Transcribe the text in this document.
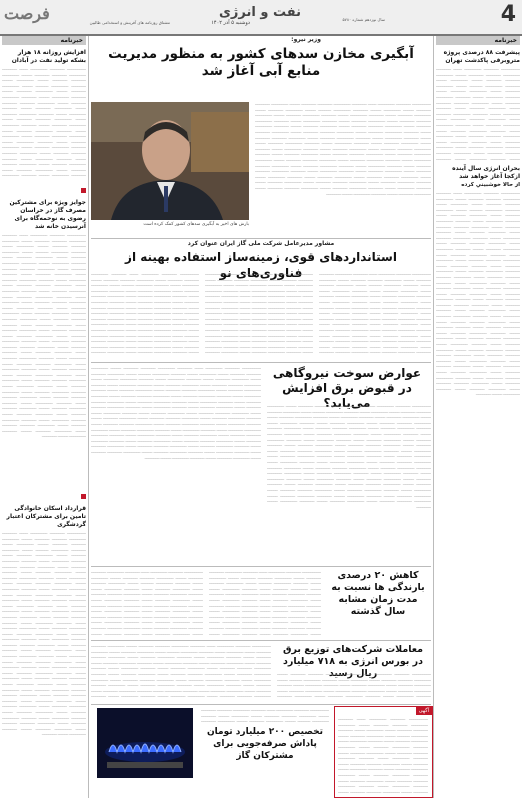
4
نفت و انرژی	سال نوزدهم شماره ۵۷۸۰
دوشنبه ۵ آذر ۱۴۰۲
مشتاق روزنامه های آفرینش و استخدامی طالبین
فرصت
خبرنامه
پیشرفت ۸۸ درصدی پروژه مترو‌برقی پاکدشت تهران
───────── ─────── ──────── ──── ─────── ──────── ─────── ─────── ───── ──────── ─────── ─────── ───── ──────── ───── ─────── ──────── ────── ───── ──────── ─────── ───── ──────── ─────── ───── ─────── ──────── ───── ─────── ──────── ─────── ───── ──────── ─────── ─────── ───── ──────── ─────── ───── ─────── ──────── ───── ─────── ──────── ─────── ───── ──────── ─────── ─────── ───── ──────── ─────── ───── ─────── ──────── ───── ─────── ──────── ─────── ───── ──────── ─────── ─────── ───── ──────── ─────── ───── ─────── ──────── ───── ─────── ──────── ─────── ───── ──────── ─────── ─────── ───── ──────── ─────── ───── ─────── ──────── ───── ─────── ──────── ─────── ───── ──────── ─────── ─────── ───── ──────── ─────── ───── ─────── ──────── ───── ─────── ──────── ─────── ───── ──────── ─────── ─────── ───── ──────── ─────── ───── ─────── ──────── ───── ─────── ──────── ─────── ───── ──────── ─────── ─────── ───── ──────── ─────── ───── ─────── ──────── ───── ─────── ──────── ─────── ───── ──────── ─────── ─────── ───── ──────── ─────── ───── ─────── ──────── ───── ─────── ──────── ─────── ───── ──────── ─────── ─────── ───── ──────── ─────── ───── ─────── ──────── ───── ─────── ──────── ─────── ───── ──────── ─────── ─────── ───── ──────── ─────── ───── ─────── ──────── ───── ─────── ──────── ─────── ───── ──────── ─────── ─────── ───── ──────── ─────── ───── ─────── ──────── ───── ───────
بحران انرژی سال آینده ازکجا آغاز خواهد شد
از حالا خوشبیني کرده
───────── ─────── ──────── ──── ─────── ──────── ─────── ─────── ───── ──────── ─────── ─────── ───── ──────── ───── ─────── ──────── ────── ───── ──────── ─────── ───── ──────── ─────── ───── ─────── ──────── ───── ─────── ──────── ─────── ───── ──────── ─────── ─────── ───── ──────── ─────── ───── ─────── ──────── ───── ─────── ──────── ─────── ───── ──────── ─────── ─────── ───── ──────── ─────── ───── ─────── ──────── ───── ─────── ──────── ─────── ───── ──────── ─────── ─────── ───── ──────── ─────── ───── ─────── ──────── ───── ─────── ──────── ─────── ───── ──────── ─────── ─────── ───── ──────── ─────── ───── ─────── ──────── ───── ─────── ──────── ─────── ───── ──────── ─────── ─────── ───── ──────── ─────── ───── ─────── ──────── ───── ─────── ──────── ─────── ───── ──────── ─────── ─────── ───── ──────── ─────── ───── ─────── ──────── ───── ─────── ──────── ─────── ───── ──────── ─────── ─────── ───── ──────── ─────── ───── ─────── ──────── ───── ─────── ──────── ─────── ───── ──────── ─────── ─────── ───── ──────── ─────── ───── ─────── ──────── ───── ─────── ──────── ─────── ───── ──────── ─────── ─────── ───── ──────── ─────── ───── ─────── ──────── ───── ─────── ──────── ─────── ───── ──────── ─────── ─────── ───── ──────── ─────── ───── ─────── ──────── ───── ─────── ──────── ─────── ───── ──────── ─────── ─────── ───── ──────── ─────── ───── ─────── ──────── ───── ───────
خبرنامه
افزایش روزانه ۱۸ هزار بشکه تولید نفت در آبادان
───────── ─────── ──────── ──── ─────── ──────── ─────── ─────── ───── ──────── ─────── ─────── ───── ──────── ───── ─────── ──────── ────── ───── ──────── ─────── ───── ──────── ─────── ───── ─────── ──────── ───── ─────── ──────── ─────── ───── ──────── ─────── ─────── ───── ──────── ─────── ───── ─────── ──────── ───── ─────── ──────── ─────── ───── ──────── ─────── ─────── ───── ──────── ─────── ───── ─────── ──────── ───── ─────── ──────── ─────── ───── ──────── ─────── ─────── ───── ──────── ─────── ───── ─────── ──────── ───── ─────── ──────── ─────── ───── ──────── ─────── ─────── ───── ──────── ─────── ───── ─────── ──────── ───── ─────── ──────── ─────── ───── ──────── ─────── ─────── ───── ──────── ─────── ───── ─────── ──────── ───── ─────── ──────── ─────── ───── ──────── ─────── ─────── ───── ──────── ─────── ───── ─────── ──────── ───── ─────── ──────── ─────── ───── ──────── ─────── ─────── ───── ──────── ─────── ───── ─────── ──────── ───── ─────── ──────── ─────── ───── ──────── ─────── ─────── ───── ──────── ─────── ───── ─────── ──────── ───── ─────── ──────── ─────── ───── ──────── ─────── ─────── ───── ──────── ─────── ───── ─────── ──────── ───── ─────── ──────── ─────── ───── ──────── ─────── ─────── ───── ──────── ─────── ───── ─────── ──────── ───── ─────── ──────── ─────── ───── ──────── ─────── ─────── ───── ──────── ─────── ───── ─────── ──────── ───── ───────
جوایز ویژه برای مشترکین مصرف گاز در خراسان رضوی به نوحمه‌گاه برای آنرسیدن خانه شد
───────── ─────── ──────── ──── ─────── ──────── ─────── ─────── ───── ──────── ─────── ─────── ───── ──────── ───── ─────── ──────── ────── ───── ──────── ─────── ───── ──────── ─────── ───── ─────── ──────── ───── ─────── ──────── ─────── ───── ──────── ─────── ─────── ───── ──────── ─────── ───── ─────── ──────── ───── ─────── ──────── ─────── ───── ──────── ─────── ─────── ───── ──────── ─────── ───── ─────── ──────── ───── ─────── ──────── ─────── ───── ──────── ─────── ─────── ───── ──────── ─────── ───── ─────── ──────── ───── ─────── ──────── ─────── ───── ──────── ─────── ─────── ───── ──────── ─────── ───── ─────── ──────── ───── ─────── ──────── ─────── ───── ──────── ─────── ─────── ───── ──────── ─────── ───── ─────── ──────── ───── ─────── ──────── ─────── ───── ──────── ─────── ─────── ───── ──────── ─────── ───── ─────── ──────── ───── ─────── ──────── ─────── ───── ──────── ─────── ─────── ───── ──────── ─────── ───── ─────── ──────── ───── ─────── ──────── ─────── ───── ──────── ─────── ─────── ───── ──────── ─────── ───── ─────── ──────── ───── ─────── ──────── ─────── ───── ──────── ─────── ─────── ───── ──────── ─────── ───── ─────── ──────── ───── ─────── ──────── ─────── ───── ──────── ─────── ─────── ───── ──────── ─────── ───── ─────── ──────── ───── ─────── ──────── ─────── ───── ──────── ─────── ─────── ───── ──────── ─────── ───── ─────── ──────── ───── ───────
قرارداد اسکان خانوادگی تامین برای مشترکان اعتبار گردشگری
───────── ─────── ──────── ──── ─────── ──────── ─────── ─────── ───── ──────── ─────── ─────── ───── ──────── ───── ─────── ──────── ────── ───── ──────── ─────── ───── ──────── ─────── ───── ─────── ──────── ───── ─────── ──────── ─────── ───── ──────── ─────── ─────── ───── ──────── ─────── ───── ─────── ──────── ───── ─────── ──────── ─────── ───── ──────── ─────── ─────── ───── ──────── ─────── ───── ─────── ──────── ───── ─────── ──────── ─────── ───── ──────── ─────── ─────── ───── ──────── ─────── ───── ─────── ──────── ───── ─────── ──────── ─────── ───── ──────── ─────── ─────── ───── ──────── ─────── ───── ─────── ──────── ───── ─────── ──────── ─────── ───── ──────── ─────── ─────── ───── ──────── ─────── ───── ─────── ──────── ───── ─────── ──────── ─────── ───── ──────── ─────── ─────── ───── ──────── ─────── ───── ─────── ──────── ───── ─────── ──────── ─────── ───── ──────── ─────── ─────── ───── ──────── ─────── ───── ─────── ──────── ───── ─────── ──────── ─────── ───── ──────── ─────── ─────── ───── ──────── ─────── ───── ─────── ──────── ───── ─────── ──────── ─────── ───── ──────── ─────── ─────── ───── ──────── ─────── ───── ─────── ──────── ───── ─────── ──────── ─────── ───── ──────── ─────── ─────── ───── ──────── ─────── ───── ─────── ──────── ───── ─────── ──────── ─────── ───── ──────── ─────── ─────── ───── ──────── ─────── ───── ─────── ──────── ───── ───────
وزیر نیرو:
آبگیری مخازن سدهای کشور به منظور مدیریت منابع آبی آغاز شد
بارش های اخیر به آبگیری سدهای کشور کمک کرده است
───────── ─────── ──────── ──── ─────── ──────── ─────── ─────── ───── ──────── ─────── ─────── ───── ──────── ───── ─────── ──────── ────── ───── ──────── ─────── ───── ──────── ─────── ───── ─────── ──────── ───── ─────── ──────── ─────── ───── ──────── ─────── ─────── ───── ──────── ─────── ───── ─────── ──────── ───── ─────── ──────── ─────── ───── ──────── ─────── ─────── ───── ──────── ─────── ───── ─────── ──────── ───── ─────── ──────── ─────── ───── ──────── ─────── ─────── ───── ──────── ─────── ───── ─────── ──────── ───── ─────── ──────── ─────── ───── ──────── ─────── ─────── ───── ──────── ─────── ───── ─────── ──────── ───── ─────── ──────── ─────── ───── ──────── ─────── ─────── ───── ──────── ─────── ───── ─────── ──────── ───── ─────── ──────── ─────── ───── ──────── ─────── ─────── ───── ──────── ─────── ───── ─────── ──────── ───── ─────── ──────── ─────── ───── ──────── ─────── ─────── ───── ──────── ─────── ───── ─────── ──────── ───── ─────── ──────── ─────── ───── ──────── ─────── ─────── ───── ──────── ─────── ───── ─────── ──────── ───── ─────── ──────── ─────── ───── ──────── ─────── ─────── ───── ──────── ─────── ───── ─────── ──────── ───── ─────── ──────── ─────── ───── ──────── ─────── ─────── ───── ──────── ─────── ───── ─────── ──────── ───── ─────── ──────── ─────── ───── ──────── ─────── ─────── ───── ──────── ─────── ───── ─────── ──────── ───── ───────
مشاور مدیرعامل شرکت ملی گاز ایران عنوان کرد
استانداردهای قوی، زمینه‌ساز استفاده بهینه از فناوری‌های نو
───────── ─────── ──────── ──── ─────── ──────── ─────── ─────── ───── ──────── ─────── ─────── ───── ──────── ───── ─────── ──────── ────── ───── ──────── ─────── ───── ──────── ─────── ───── ─────── ──────── ───── ─────── ──────── ─────── ───── ──────── ─────── ─────── ───── ──────── ─────── ───── ─────── ──────── ───── ─────── ──────── ─────── ───── ──────── ─────── ─────── ───── ──────── ─────── ───── ─────── ──────── ───── ─────── ──────── ─────── ───── ──────── ─────── ─────── ───── ──────── ─────── ───── ─────── ──────── ───── ─────── ──────── ─────── ───── ──────── ─────── ─────── ───── ──────── ─────── ───── ─────── ──────── ───── ─────── ──────── ─────── ───── ──────── ─────── ─────── ───── ──────── ─────── ───── ─────── ──────── ───── ─────── ──────── ─────── ───── ──────── ─────── ─────── ───── ──────── ─────── ───── ─────── ──────── ───── ─────── ──────── ─────── ───── ──────── ─────── ─────── ───── ──────── ─────── ───── ─────── ──────── ───── ─────── ──────── ─────── ───── ──────── ─────── ─────── ───── ──────── ─────── ───── ─────── ──────── ───── ─────── ──────── ─────── ───── ──────── ─────── ─────── ───── ──────── ─────── ───── ─────── ──────── ───── ─────── ──────── ─────── ───── ──────── ─────── ─────── ───── ──────── ─────── ───── ─────── ──────── ───── ─────── ──────── ─────── ───── ──────── ─────── ─────── ───── ──────── ─────── ───── ─────── ──────── ───── ───────
───────── ─────── ──────── ──── ─────── ──────── ─────── ─────── ───── ──────── ─────── ─────── ───── ──────── ───── ─────── ──────── ────── ───── ──────── ─────── ───── ──────── ─────── ───── ─────── ──────── ───── ─────── ──────── ─────── ───── ──────── ─────── ─────── ───── ──────── ─────── ───── ─────── ──────── ───── ─────── ──────── ─────── ───── ──────── ─────── ─────── ───── ──────── ─────── ───── ─────── ──────── ───── ─────── ──────── ─────── ───── ──────── ─────── ─────── ───── ──────── ─────── ───── ─────── ──────── ───── ─────── ──────── ─────── ───── ──────── ─────── ─────── ───── ──────── ─────── ───── ─────── ──────── ───── ─────── ──────── ─────── ───── ──────── ─────── ─────── ───── ──────── ─────── ───── ─────── ──────── ───── ─────── ──────── ─────── ───── ──────── ─────── ─────── ───── ──────── ─────── ───── ─────── ──────── ───── ─────── ──────── ─────── ───── ──────── ─────── ─────── ───── ──────── ─────── ───── ─────── ──────── ───── ─────── ──────── ─────── ───── ──────── ─────── ─────── ───── ──────── ─────── ───── ─────── ──────── ───── ─────── ──────── ─────── ───── ──────── ─────── ─────── ───── ──────── ─────── ───── ─────── ──────── ───── ─────── ──────── ─────── ───── ──────── ─────── ─────── ───── ──────── ─────── ───── ─────── ──────── ───── ─────── ──────── ─────── ───── ──────── ─────── ─────── ───── ──────── ─────── ───── ─────── ──────── ───── ───────
───────── ─────── ──────── ──── ─────── ──────── ─────── ─────── ───── ──────── ─────── ─────── ───── ──────── ───── ─────── ──────── ────── ───── ──────── ─────── ───── ──────── ─────── ───── ─────── ──────── ───── ─────── ──────── ─────── ───── ──────── ─────── ─────── ───── ──────── ─────── ───── ─────── ──────── ───── ─────── ──────── ─────── ───── ──────── ─────── ─────── ───── ──────── ─────── ───── ─────── ──────── ───── ─────── ──────── ─────── ───── ──────── ─────── ─────── ───── ──────── ─────── ───── ─────── ──────── ───── ─────── ──────── ─────── ───── ──────── ─────── ─────── ───── ──────── ─────── ───── ─────── ──────── ───── ─────── ──────── ─────── ───── ──────── ─────── ─────── ───── ──────── ─────── ───── ─────── ──────── ───── ─────── ──────── ─────── ───── ──────── ─────── ─────── ───── ──────── ─────── ───── ─────── ──────── ───── ─────── ──────── ─────── ───── ──────── ─────── ─────── ───── ──────── ─────── ───── ─────── ──────── ───── ─────── ──────── ─────── ───── ──────── ─────── ─────── ───── ──────── ─────── ───── ─────── ──────── ───── ─────── ──────── ─────── ───── ──────── ─────── ─────── ───── ──────── ─────── ───── ─────── ──────── ───── ─────── ──────── ─────── ───── ──────── ─────── ─────── ───── ──────── ─────── ───── ─────── ──────── ───── ─────── ──────── ─────── ───── ──────── ─────── ─────── ───── ──────── ─────── ───── ─────── ──────── ───── ───────
عوارض سوخت نیروگاهی در قبوض برق افزایش می‌یابد؟
───────── ─────── ──────── ──── ─────── ──────── ─────── ─────── ───── ──────── ─────── ─────── ───── ──────── ───── ─────── ──────── ────── ───── ──────── ─────── ───── ──────── ─────── ───── ─────── ──────── ───── ─────── ──────── ─────── ───── ──────── ─────── ─────── ───── ──────── ─────── ───── ─────── ──────── ───── ─────── ──────── ─────── ───── ──────── ─────── ─────── ───── ──────── ─────── ───── ─────── ──────── ───── ─────── ──────── ─────── ───── ──────── ─────── ─────── ───── ──────── ─────── ───── ─────── ──────── ───── ─────── ──────── ─────── ───── ──────── ─────── ─────── ───── ──────── ─────── ───── ─────── ──────── ───── ─────── ──────── ─────── ───── ──────── ─────── ─────── ───── ──────── ─────── ───── ─────── ──────── ───── ─────── ──────── ─────── ───── ──────── ─────── ─────── ───── ──────── ─────── ───── ─────── ──────── ───── ─────── ──────── ─────── ───── ──────── ─────── ─────── ───── ──────── ─────── ───── ─────── ──────── ───── ─────── ──────── ─────── ───── ──────── ─────── ─────── ───── ──────── ─────── ───── ─────── ──────── ───── ─────── ──────── ─────── ───── ──────── ─────── ─────── ───── ──────── ─────── ───── ─────── ──────── ───── ─────── ──────── ─────── ───── ──────── ─────── ─────── ───── ──────── ─────── ───── ─────── ──────── ───── ─────── ──────── ─────── ───── ──────── ─────── ─────── ───── ──────── ─────── ───── ─────── ──────── ───── ───────
───────── ─────── ──────── ──── ─────── ──────── ─────── ─────── ───── ──────── ─────── ─────── ───── ──────── ───── ─────── ──────── ────── ───── ──────── ─────── ───── ──────── ─────── ───── ─────── ──────── ───── ─────── ──────── ─────── ───── ──────── ─────── ─────── ───── ──────── ─────── ───── ─────── ──────── ───── ─────── ──────── ─────── ───── ──────── ─────── ─────── ───── ──────── ─────── ───── ─────── ──────── ───── ─────── ──────── ─────── ───── ──────── ─────── ─────── ───── ──────── ─────── ───── ─────── ──────── ───── ─────── ──────── ─────── ───── ──────── ─────── ─────── ───── ──────── ─────── ───── ─────── ──────── ───── ─────── ──────── ─────── ───── ──────── ─────── ─────── ───── ──────── ─────── ───── ─────── ──────── ───── ─────── ──────── ─────── ───── ──────── ─────── ─────── ───── ──────── ─────── ───── ─────── ──────── ───── ─────── ──────── ─────── ───── ──────── ─────── ─────── ───── ──────── ─────── ───── ─────── ──────── ───── ─────── ──────── ─────── ───── ──────── ─────── ─────── ───── ──────── ─────── ───── ─────── ──────── ───── ─────── ──────── ─────── ───── ──────── ─────── ─────── ───── ──────── ─────── ───── ─────── ──────── ───── ─────── ──────── ─────── ───── ──────── ─────── ─────── ───── ──────── ─────── ───── ─────── ──────── ───── ─────── ──────── ─────── ───── ──────── ─────── ─────── ───── ──────── ─────── ───── ─────── ──────── ───── ───────
کاهش ۲۰ درصدی بارندگی ها نسبت به مدت زمان مشابه سال گذشته
───────── ─────── ──────── ──── ─────── ──────── ─────── ─────── ───── ──────── ─────── ─────── ───── ──────── ───── ─────── ──────── ────── ───── ──────── ─────── ───── ──────── ─────── ───── ─────── ──────── ───── ─────── ──────── ─────── ───── ──────── ─────── ─────── ───── ──────── ─────── ───── ─────── ──────── ───── ─────── ──────── ─────── ───── ──────── ─────── ─────── ───── ──────── ─────── ───── ─────── ──────── ───── ─────── ──────── ─────── ───── ──────── ─────── ─────── ───── ──────── ─────── ───── ─────── ──────── ───── ─────── ──────── ─────── ───── ──────── ─────── ─────── ───── ──────── ─────── ───── ─────── ──────── ───── ─────── ──────── ─────── ───── ──────── ─────── ─────── ───── ──────── ─────── ───── ─────── ──────── ───── ─────── ──────── ─────── ───── ──────── ─────── ─────── ───── ──────── ─────── ───── ─────── ──────── ───── ─────── ──────── ─────── ───── ──────── ─────── ─────── ───── ──────── ─────── ───── ─────── ──────── ───── ─────── ──────── ─────── ───── ──────── ─────── ─────── ───── ──────── ─────── ───── ─────── ──────── ───── ─────── ──────── ─────── ───── ──────── ─────── ─────── ───── ──────── ─────── ───── ─────── ──────── ───── ─────── ──────── ─────── ───── ──────── ─────── ─────── ───── ──────── ─────── ───── ─────── ──────── ───── ─────── ──────── ─────── ───── ──────── ─────── ─────── ───── ──────── ─────── ───── ─────── ──────── ───── ───────
───────── ─────── ──────── ──── ─────── ──────── ─────── ─────── ───── ──────── ─────── ─────── ───── ──────── ───── ─────── ──────── ────── ───── ──────── ─────── ───── ──────── ─────── ───── ─────── ──────── ───── ─────── ──────── ─────── ───── ──────── ─────── ─────── ───── ──────── ─────── ───── ─────── ──────── ───── ─────── ──────── ─────── ───── ──────── ─────── ─────── ───── ──────── ─────── ───── ─────── ──────── ───── ─────── ──────── ─────── ───── ──────── ─────── ─────── ───── ──────── ─────── ───── ─────── ──────── ───── ─────── ──────── ─────── ───── ──────── ─────── ─────── ───── ──────── ─────── ───── ─────── ──────── ───── ─────── ──────── ─────── ───── ──────── ─────── ─────── ───── ──────── ─────── ───── ─────── ──────── ───── ─────── ──────── ─────── ───── ──────── ─────── ─────── ───── ──────── ─────── ───── ─────── ──────── ───── ─────── ──────── ─────── ───── ──────── ─────── ─────── ───── ──────── ─────── ───── ─────── ──────── ───── ─────── ──────── ─────── ───── ──────── ─────── ─────── ───── ──────── ─────── ───── ─────── ──────── ───── ─────── ──────── ─────── ───── ──────── ─────── ─────── ───── ──────── ─────── ───── ─────── ──────── ───── ─────── ──────── ─────── ───── ──────── ─────── ─────── ───── ──────── ─────── ───── ─────── ──────── ───── ─────── ──────── ─────── ───── ──────── ─────── ─────── ───── ──────── ─────── ───── ─────── ──────── ───── ───────
معاملات شرکت‌های توزیع برق در بورس انرژی به ۷۱۸ میلیارد ریال رسید
───────── ─────── ──────── ──── ─────── ──────── ─────── ─────── ───── ──────── ─────── ─────── ───── ──────── ───── ─────── ──────── ────── ───── ──────── ─────── ───── ──────── ─────── ───── ─────── ──────── ───── ─────── ──────── ─────── ───── ──────── ─────── ─────── ───── ──────── ─────── ───── ─────── ──────── ───── ─────── ──────── ─────── ───── ──────── ─────── ─────── ───── ──────── ─────── ───── ─────── ──────── ───── ─────── ──────── ─────── ───── ──────── ─────── ─────── ───── ──────── ─────── ───── ─────── ──────── ───── ─────── ──────── ─────── ───── ──────── ─────── ─────── ───── ──────── ─────── ───── ─────── ──────── ───── ─────── ──────── ─────── ───── ──────── ─────── ─────── ───── ──────── ─────── ───── ─────── ──────── ───── ─────── ──────── ─────── ───── ──────── ─────── ─────── ───── ──────── ─────── ───── ─────── ──────── ───── ─────── ──────── ─────── ───── ──────── ─────── ─────── ───── ──────── ─────── ───── ─────── ──────── ───── ─────── ──────── ─────── ───── ──────── ─────── ─────── ───── ──────── ─────── ───── ─────── ──────── ───── ─────── ──────── ─────── ───── ──────── ─────── ─────── ───── ──────── ─────── ───── ─────── ──────── ───── ─────── ──────── ─────── ───── ──────── ─────── ─────── ───── ──────── ─────── ───── ─────── ──────── ───── ─────── ──────── ─────── ───── ──────── ─────── ─────── ───── ──────── ─────── ───── ─────── ──────── ───── ───────
───────── ─────── ──────── ──── ─────── ──────── ─────── ─────── ───── ──────── ─────── ─────── ───── ──────── ───── ─────── ──────── ────── ───── ──────── ─────── ───── ──────── ─────── ───── ─────── ──────── ───── ─────── ──────── ─────── ───── ──────── ─────── ─────── ───── ──────── ─────── ───── ─────── ──────── ───── ─────── ──────── ─────── ───── ──────── ─────── ─────── ───── ──────── ─────── ───── ─────── ──────── ───── ─────── ──────── ─────── ───── ──────── ─────── ─────── ───── ──────── ─────── ───── ─────── ──────── ───── ─────── ──────── ─────── ───── ──────── ─────── ─────── ───── ──────── ─────── ───── ─────── ──────── ───── ─────── ──────── ─────── ───── ──────── ─────── ─────── ───── ──────── ─────── ───── ─────── ──────── ───── ─────── ──────── ─────── ───── ──────── ─────── ─────── ───── ──────── ─────── ───── ─────── ──────── ───── ─────── ──────── ─────── ───── ──────── ─────── ─────── ───── ──────── ─────── ───── ─────── ──────── ───── ─────── ──────── ─────── ───── ──────── ─────── ─────── ───── ──────── ─────── ───── ─────── ──────── ───── ─────── ──────── ─────── ───── ──────── ─────── ─────── ───── ──────── ─────── ───── ─────── ──────── ───── ─────── ──────── ─────── ───── ──────── ─────── ─────── ───── ──────── ─────── ───── ─────── ──────── ───── ─────── ──────── ─────── ───── ──────── ─────── ─────── ───── ──────── ─────── ───── ─────── ──────── ───── ───────
تخصیص ۲۰۰ میلیارد تومان پاداش صرفه‌جویی برای مشترکان گاز
───────── ─────── ──────── ──── ─────── ──────── ─────── ─────── ───── ──────── ─────── ─────── ───── ──────── ───── ─────── ──────── ────── ───── ──────── ─────── ───── ──────── ─────── ───── ─────── ──────── ───── ─────── ──────── ─────── ───── ──────── ─────── ─────── ───── ──────── ─────── ───── ─────── ──────── ───── ─────── ──────── ─────── ───── ──────── ─────── ─────── ───── ──────── ─────── ───── ─────── ──────── ───── ─────── ──────── ─────── ───── ──────── ─────── ─────── ───── ──────── ─────── ───── ─────── ──────── ───── ─────── ──────── ─────── ───── ──────── ─────── ─────── ───── ──────── ─────── ───── ─────── ──────── ───── ─────── ──────── ─────── ───── ──────── ─────── ─────── ───── ──────── ─────── ───── ─────── ──────── ───── ─────── ──────── ─────── ───── ──────── ─────── ─────── ───── ──────── ─────── ───── ─────── ──────── ───── ─────── ──────── ─────── ───── ──────── ─────── ─────── ───── ──────── ─────── ───── ─────── ──────── ───── ─────── ──────── ─────── ───── ──────── ─────── ─────── ───── ──────── ─────── ───── ─────── ──────── ───── ─────── ──────── ─────── ───── ──────── ─────── ─────── ───── ──────── ─────── ───── ─────── ──────── ───── ─────── ──────── ─────── ───── ──────── ─────── ─────── ───── ──────── ─────── ───── ─────── ──────── ───── ─────── ──────── ─────── ───── ──────── ─────── ─────── ───── ──────── ─────── ───── ─────── ──────── ───── ───────
آگهی
───────── ─────── ──────── ──── ─────── ──────── ─────── ─────── ───── ──────── ─────── ─────── ───── ──────── ───── ─────── ──────── ────── ───── ──────── ─────── ───── ──────── ─────── ───── ─────── ──────── ───── ─────── ──────── ─────── ───── ──────── ─────── ─────── ───── ──────── ─────── ───── ─────── ──────── ───── ─────── ──────── ─────── ───── ──────── ─────── ─────── ───── ──────── ─────── ───── ─────── ──────── ───── ─────── ──────── ─────── ───── ──────── ─────── ─────── ───── ──────── ─────── ───── ─────── ──────── ───── ─────── ──────── ─────── ───── ──────── ─────── ─────── ───── ──────── ─────── ───── ─────── ──────── ───── ─────── ──────── ─────── ───── ──────── ─────── ─────── ───── ──────── ─────── ───── ─────── ──────── ───── ─────── ──────── ─────── ───── ──────── ─────── ─────── ───── ──────── ─────── ───── ─────── ──────── ───── ─────── ──────── ─────── ───── ──────── ─────── ─────── ───── ──────── ─────── ───── ─────── ──────── ───── ─────── ──────── ─────── ───── ──────── ─────── ─────── ───── ──────── ─────── ───── ─────── ──────── ───── ─────── ──────── ─────── ───── ──────── ─────── ─────── ───── ──────── ─────── ───── ─────── ──────── ───── ─────── ──────── ─────── ───── ──────── ─────── ─────── ───── ──────── ─────── ───── ─────── ──────── ───── ─────── ──────── ─────── ───── ──────── ─────── ─────── ───── ──────── ─────── ───── ─────── ──────── ───── ───────
